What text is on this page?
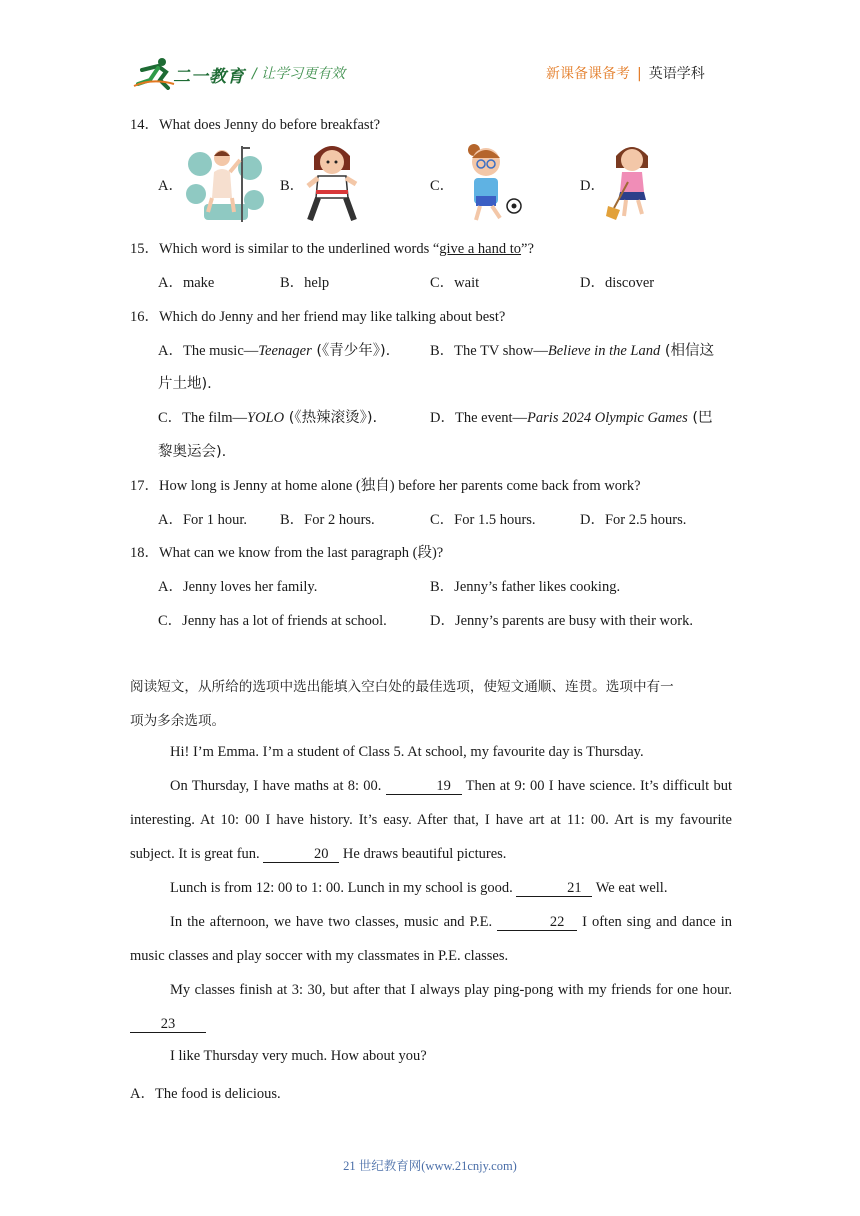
二一教育 / 让学习更有效	新课备课备考 | 英语学科
14．What does Jenny do before breakfast?
A．	B．	C．	D．
15．Which word is similar to the underlined words “give a hand to”?
A．make	B．help	C．wait	D．discover
16．Which do Jenny and her friend may like talking about best?
A．The music—Teenager (《青少年》).	B．The TV show—Believe in the Land (相信这
片土地).
C．The film—YOLO (《热辣滚烫》).	D．The event—Paris 2024 Olympic Games (巴
黎奥运会).
17．How long is Jenny at home alone (独自) before her parents come back from work?
A．For 1 hour. B．For 2 hours.	C．For 1.5 hours.	D．For 2.5 hours.
18．What can we know from the last paragraph (段)?
A．Jenny loves her family.	B．Jenny’s father likes cooking.
C．Jenny has a lot of friends at school.	D．Jenny’s parents are busy with their work.
阅读短文，从所给的选项中选出能填入空白处的最佳选项，使短文通顺、连贯。选项中有一
项为多余选项。
Hi! I’m Emma. I’m a student of Class 5. At school, my favourite day is Thursday.
On Thursday, I have maths at 8: 00.	19 Then at 9: 00 I have science. It’s difficult but interesting. At 10: 00 I have history. It’s easy. After that, I have art at 11: 00. Art is my favourite subject. It is great fun.	20 He draws beautiful pictures.
Lunch is from 12: 00 to 1: 00. Lunch in my school is good.	21 We eat well.
In the afternoon, we have two classes, music and P.E.	22 I often sing and dance in music classes and play soccer with my classmates in P.E. classes.
My classes finish at 3: 30, but after that I always play ping-pong with my friends for one hour. 23
I like Thursday very much. How about you?
A．The food is delicious.
21 世纪教育网(www.21cnjy.com)
